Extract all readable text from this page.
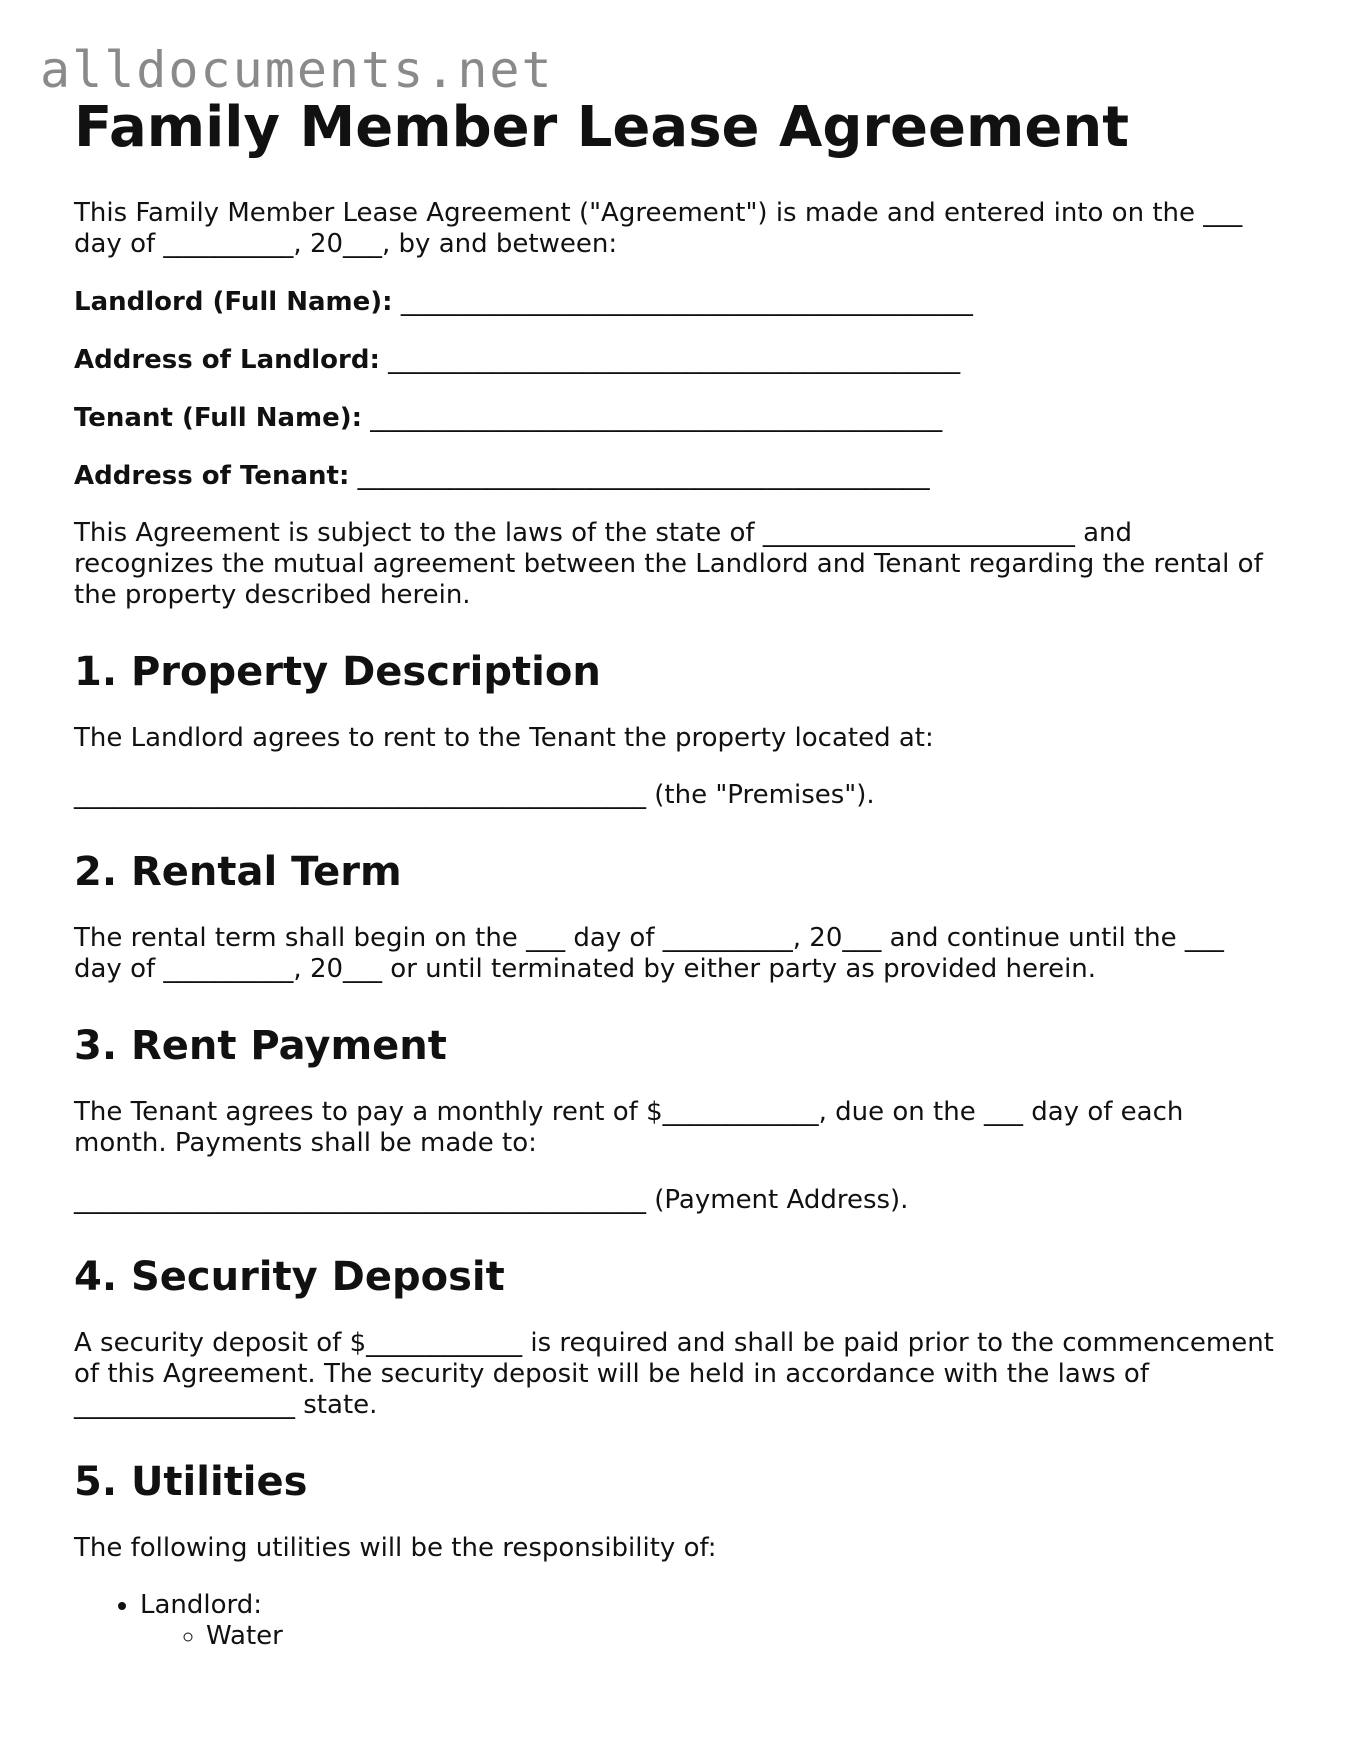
alldocuments.net
Family Member Lease Agreement

This Family Member Lease Agreement ("Agreement") is made and entered into on the ___ day of __________, 20___, by and between:

Landlord (Full Name): ____________________________________________
Address of Landlord: ____________________________________________
Tenant (Full Name): ____________________________________________
Address of Tenant: ____________________________________________

This Agreement is subject to the laws of the state of ________________________ and recognizes the mutual agreement between the Landlord and Tenant regarding the rental of the property described herein.

1. Property Description

The Landlord agrees to rent to the Tenant the property located at:

____________________________________________ (the "Premises").

2. Rental Term

The rental term shall begin on the ___ day of __________, 20___ and continue until the ___ day of __________, 20___ or until terminated by either party as provided herein.

3. Rent Payment

The Tenant agrees to pay a monthly rent of $____________, due on the ___ day of each month. Payments shall be made to:

____________________________________________ (Payment Address).

4. Security Deposit

A security deposit of $____________ is required and shall be paid prior to the commencement of this Agreement. The security deposit will be held in accordance with the laws of _________________ state.

5. Utilities

The following utilities will be the responsibility of:

• Landlord:
◦ Water
